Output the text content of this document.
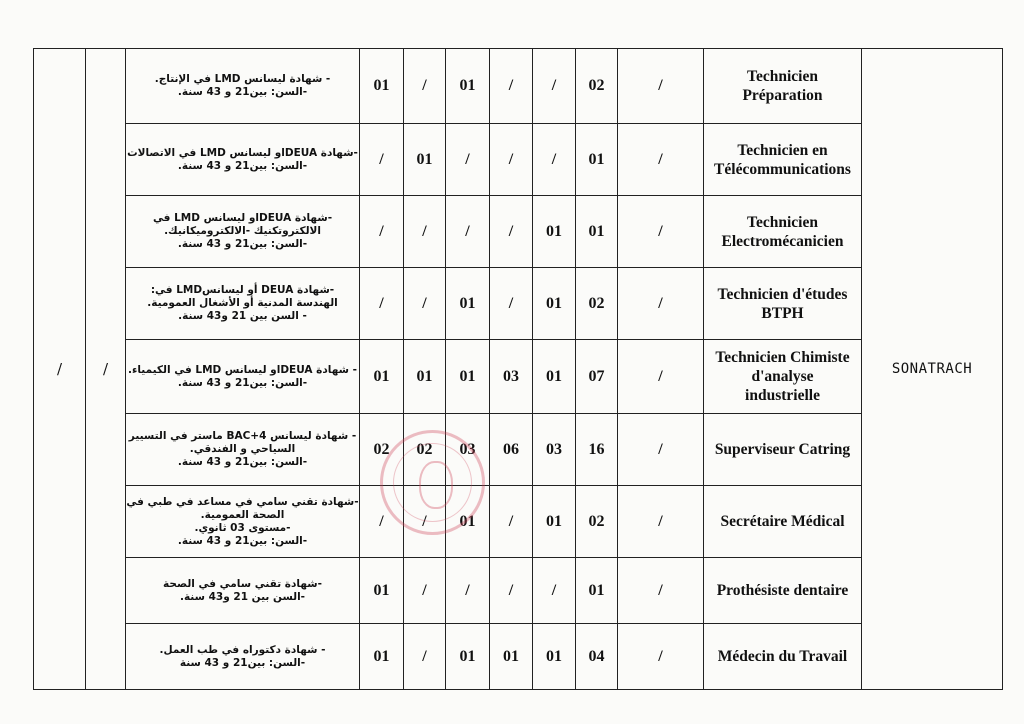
/	/	- شهادة ليسانس LMD في الإنتاج.
-السن: بين21 و 43 سنة.	01	/	01	/	/	02	/	Technicien
Préparation

		-شهادة DEUAاو ليسانس LMD في الاتصالات
-السن: بين21 و 43 سنة.	/	01	/	/	/	01	/	Technicien en
Télécommunications

		-شهادة DEUAاو ليسانس LMD في
الالكتروتكنيك -الالكتروميكانيك.
-السن: بين21 و 43 سنة.	/	/	/	/	01	01	/	Technicien
Electromécanicien

		-شهادة DEUA أو ليسانسLMD في:
الهندسة المدنية أو الأشغال العمومية.
- السن بين 21 و43 سنة.	/	/	01	/	01	02	/	Technicien d'études
BTPH

		- شهادة DEUAاو ليسانس LMD في الكيمياء.
-السن: بين21 و 43 سنة.	01	01	01	03	01	07	/	Technicien Chimiste
d'analyse
industrielle

		- شهادة ليسانس BAC+4 ماستر في التسيير
السياحي و الفندقي.
-السن: بين21 و 43 سنة.	02	02	03	06	03	16	/	Superviseur Catring

		-شهادة تقني سامي في مساعد في طبي في
الصحة العمومية.
-مستوى 03 ثانوي.
-السن: بين21 و 43 سنة.	/	/	01	/	01	02	/	Secrétaire Médical

		-شهادة تقني سامي في الصحة
-السن بين 21 و43 سنة.	01	/	/	/	/	01	/	Prothésiste dentaire

		- شهادة دكتوراه في طب العمل.
-السن: بين21 و 43 سنة	01	/	01	01	01	04	/	Médecin du Travail
SONATRACH
